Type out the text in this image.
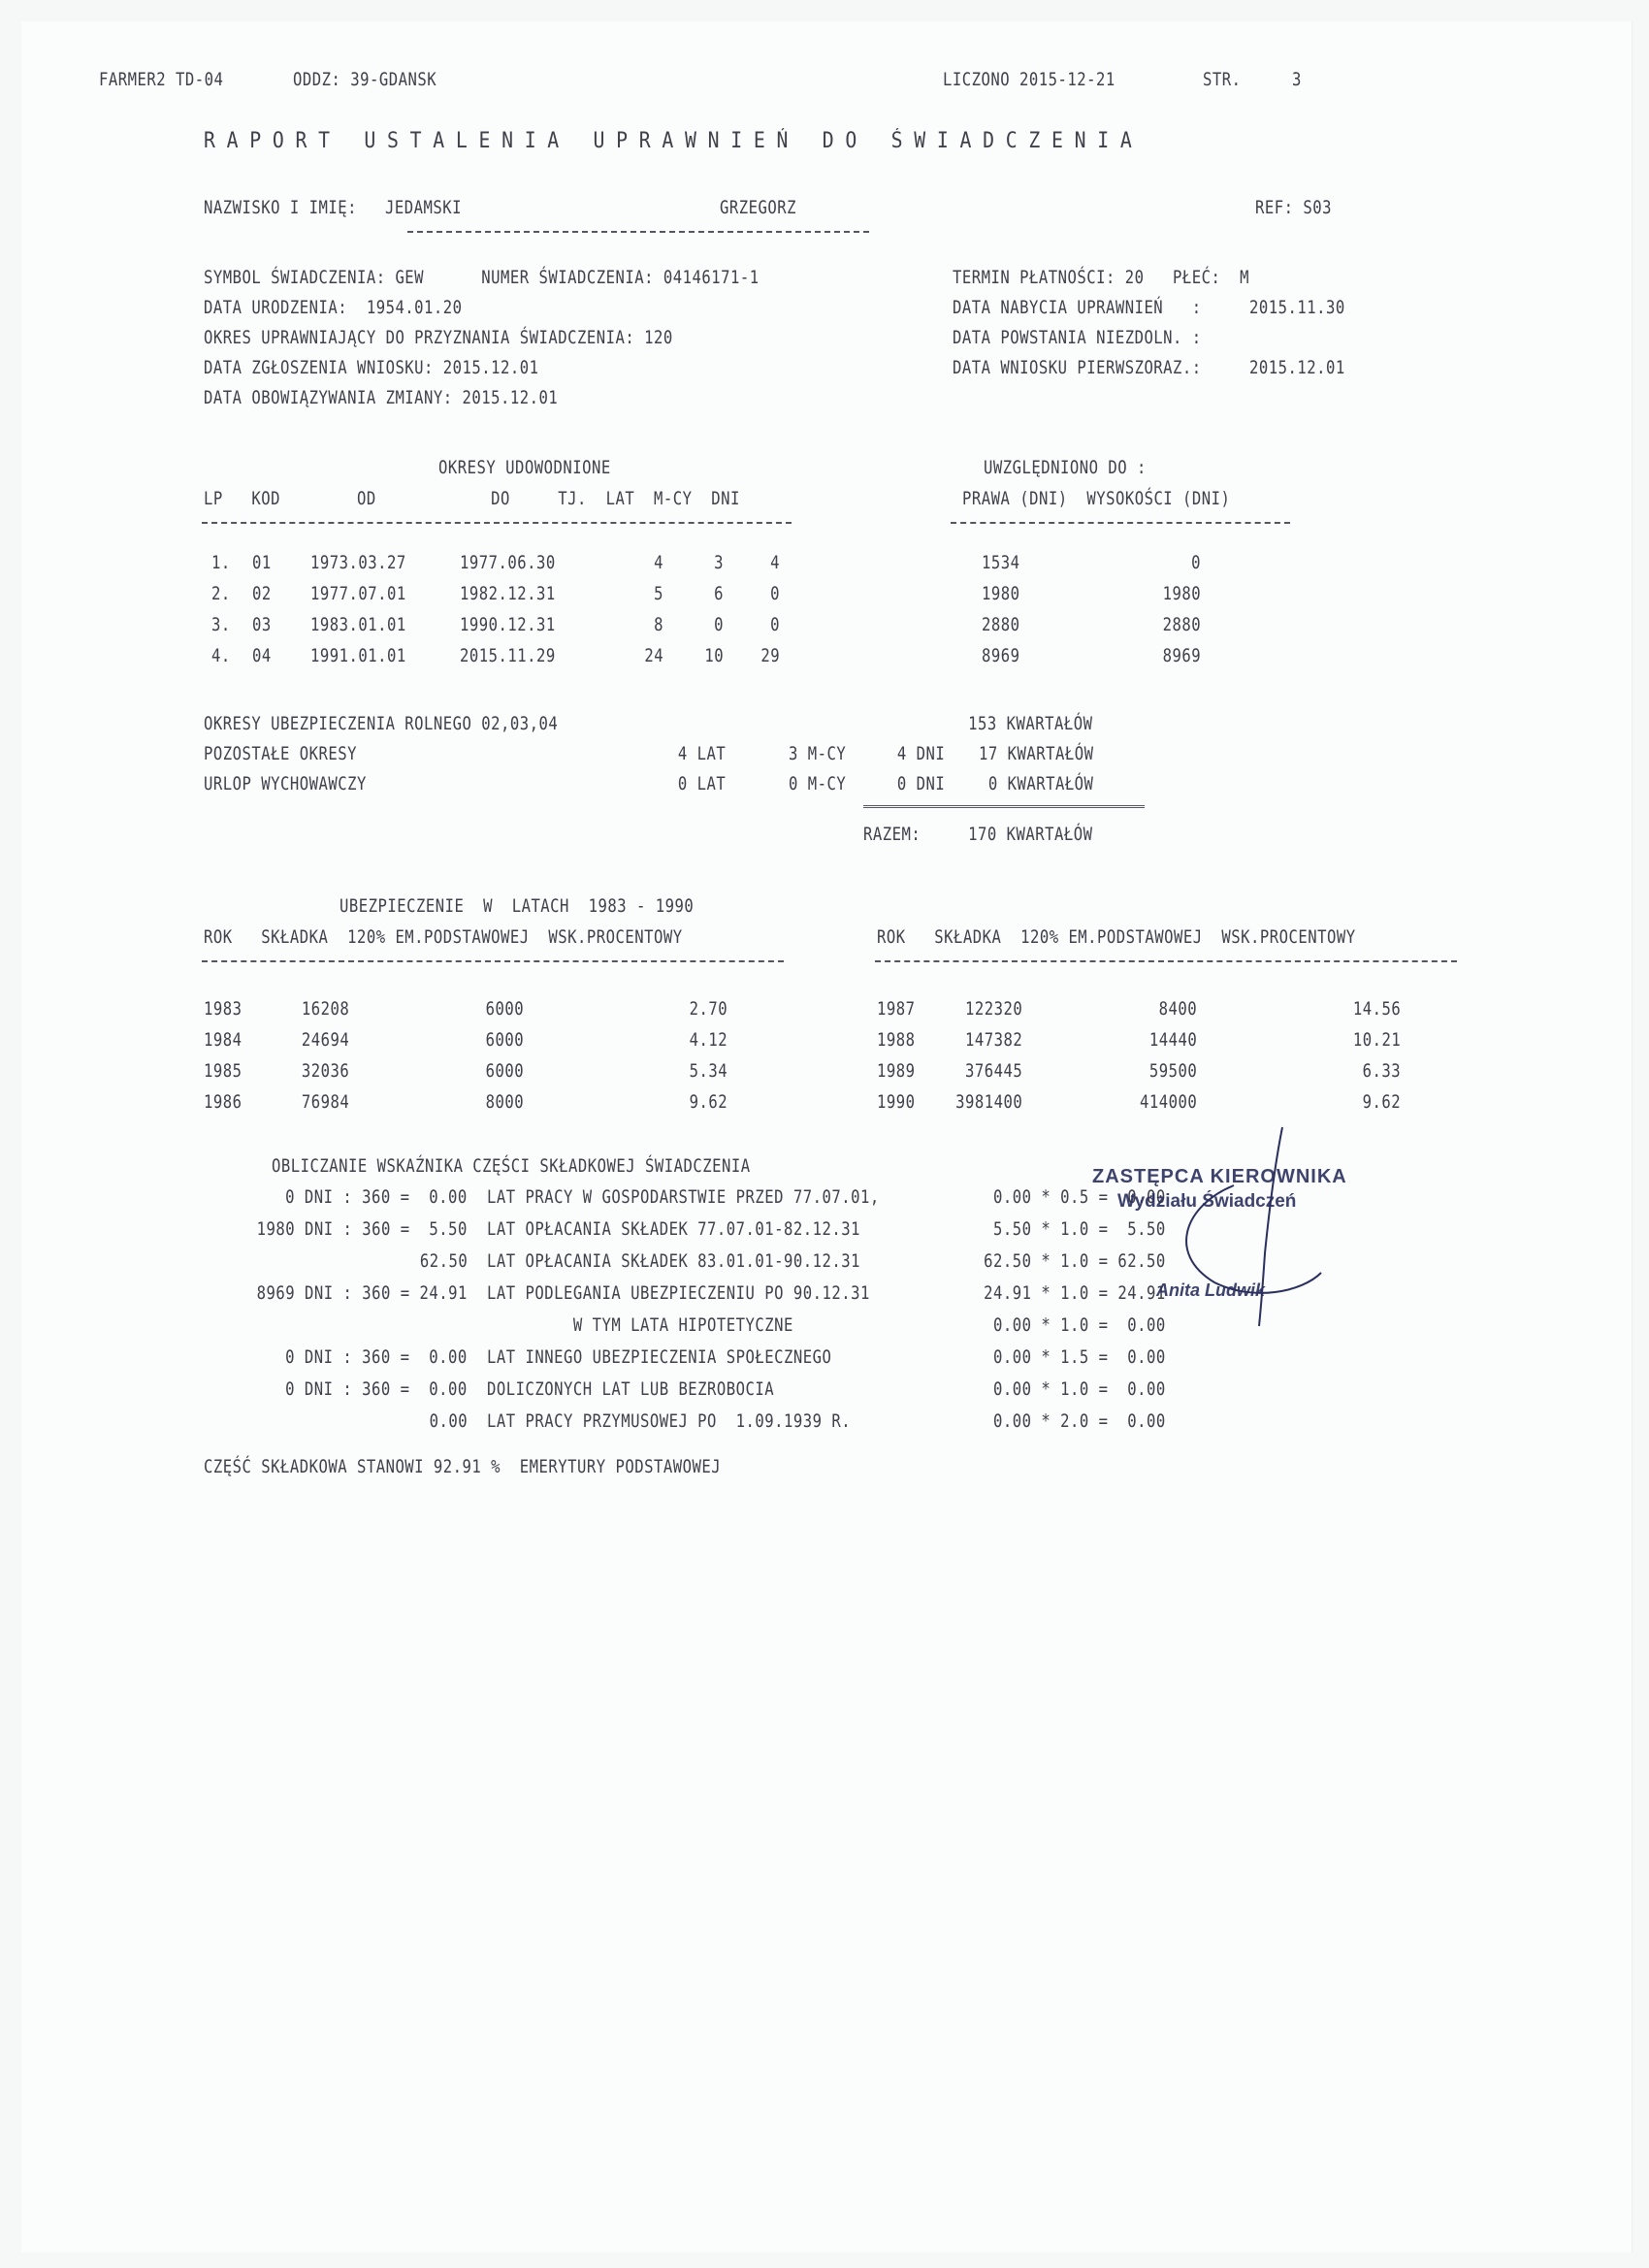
FARMER2 TD-04	ODDZ: 39-GDANSK	LICZONO 2015-12-21	STR.	3
RAPORT USTALENIA UPRAWNIEŃ DO ŚWIADCZENIA
NAZWISKO I IMIĘ: JEDAMSKI	GRZEGORZ	REF: S03
SYMBOL ŚWIADCZENIA: GEW      NUMER ŚWIADCZENIA: 04146171-1
DATA URODZENIA:  1954.01.20
OKRES UPRAWNIAJĄCY DO PRZYZNANIA ŚWIADCZENIA: 120
DATA ZGŁOSZENIA WNIOSKU: 2015.12.01
DATA OBOWIĄZYWANIA ZMIANY: 2015.12.01
TERMIN PŁATNOŚCI: 20   PŁEĆ:  M
DATA NABYCIA UPRAWNIEŃ   :     2015.11.30
DATA POWSTANIA NIEZDOLN. :
DATA WNIOSKU PIERWSZORAZ.:     2015.12.01
OKRESY UDOWODNIONE	UWZGLĘDNIONO DO :
LP   KOD        OD            DO     TJ.  LAT  M-CY  DNI	PRAWA (DNI)  WYSOKOŚCI (DNI)
1. 01 1973.03.27	1977.06.30	4	3	4	1534	0
2. 02 1977.07.01	1982.12.31	5	6	0	1980	1980
3. 03 1983.01.01	1990.12.31	8	0	0	2880	2880
4. 04 1991.01.01	2015.11.29	24 10 29	8969	8969
OKRESY UBEZPIECZENIA ROLNEGO 02,03,04	153 KWARTAŁÓW
POZOSTAŁE OKRESY	4 LAT	3 M-CY	4 DNI 17 KWARTAŁÓW
URLOP WYCHOWAWCZY	0 LAT	0 M-CY	0 DNI 0 KWARTAŁÓW
RAZEM:	170 KWARTAŁÓW
UBEZPIECZENIE  W  LATACH  1983 - 1990
ROK   SKŁADKA  120% EM.PODSTAWOWEJ  WSK.PROCENTOWY	ROK   SKŁADKA  120% EM.PODSTAWOWEJ  WSK.PROCENTOWY
1983	16208	6000	2.70
1984	24694	6000	4.12
1985	32036	6000	5.34
1986	76984	8000	9.62
1987	122320	8400	14.56
1988	147382	14440	10.21
1989	376445	59500	6.33
1990 3981400	414000	9.62
OBLICZANIE WSKAŹNIKA CZĘŚCI SKŁADKOWEJ ŚWIADCZENIA
0 DNI : 360 =  0.00 LAT PRACY W GOSPODARSTWIE PRZED 77.07.01,	0.00 * 0.5 =  0.00
1980 DNI : 360 =  5.50 LAT OPŁACANIA SKŁADEK 77.07.01-82.12.31	5.50 * 1.0 =  5.50
62.50 LAT OPŁACANIA SKŁADEK 83.01.01-90.12.31	62.50 * 1.0 = 62.50
8969 DNI : 360 = 24.91 LAT PODLEGANIA UBEZPIECZENIU PO 90.12.31	24.91 * 1.0 = 24.91
W TYM LATA HIPOTETYCZNE	0.00 * 1.0 =  0.00
0 DNI : 360 =  0.00 LAT INNEGO UBEZPIECZENIA SPOŁECZNEGO	0.00 * 1.5 =  0.00
0 DNI : 360 =  0.00 DOLICZONYCH LAT LUB BEZROBOCIA	0.00 * 1.0 =  0.00
0.00 LAT PRACY PRZYMUSOWEJ PO  1.09.1939 R.	0.00 * 2.0 =  0.00
CZĘŚĆ SKŁADKOWA STANOWI 92.91 %  EMERYTURY PODSTAWOWEJ
ZASTĘPCA KIEROWNIKA
Wydziału Świadczeń
Anita Ludwik
